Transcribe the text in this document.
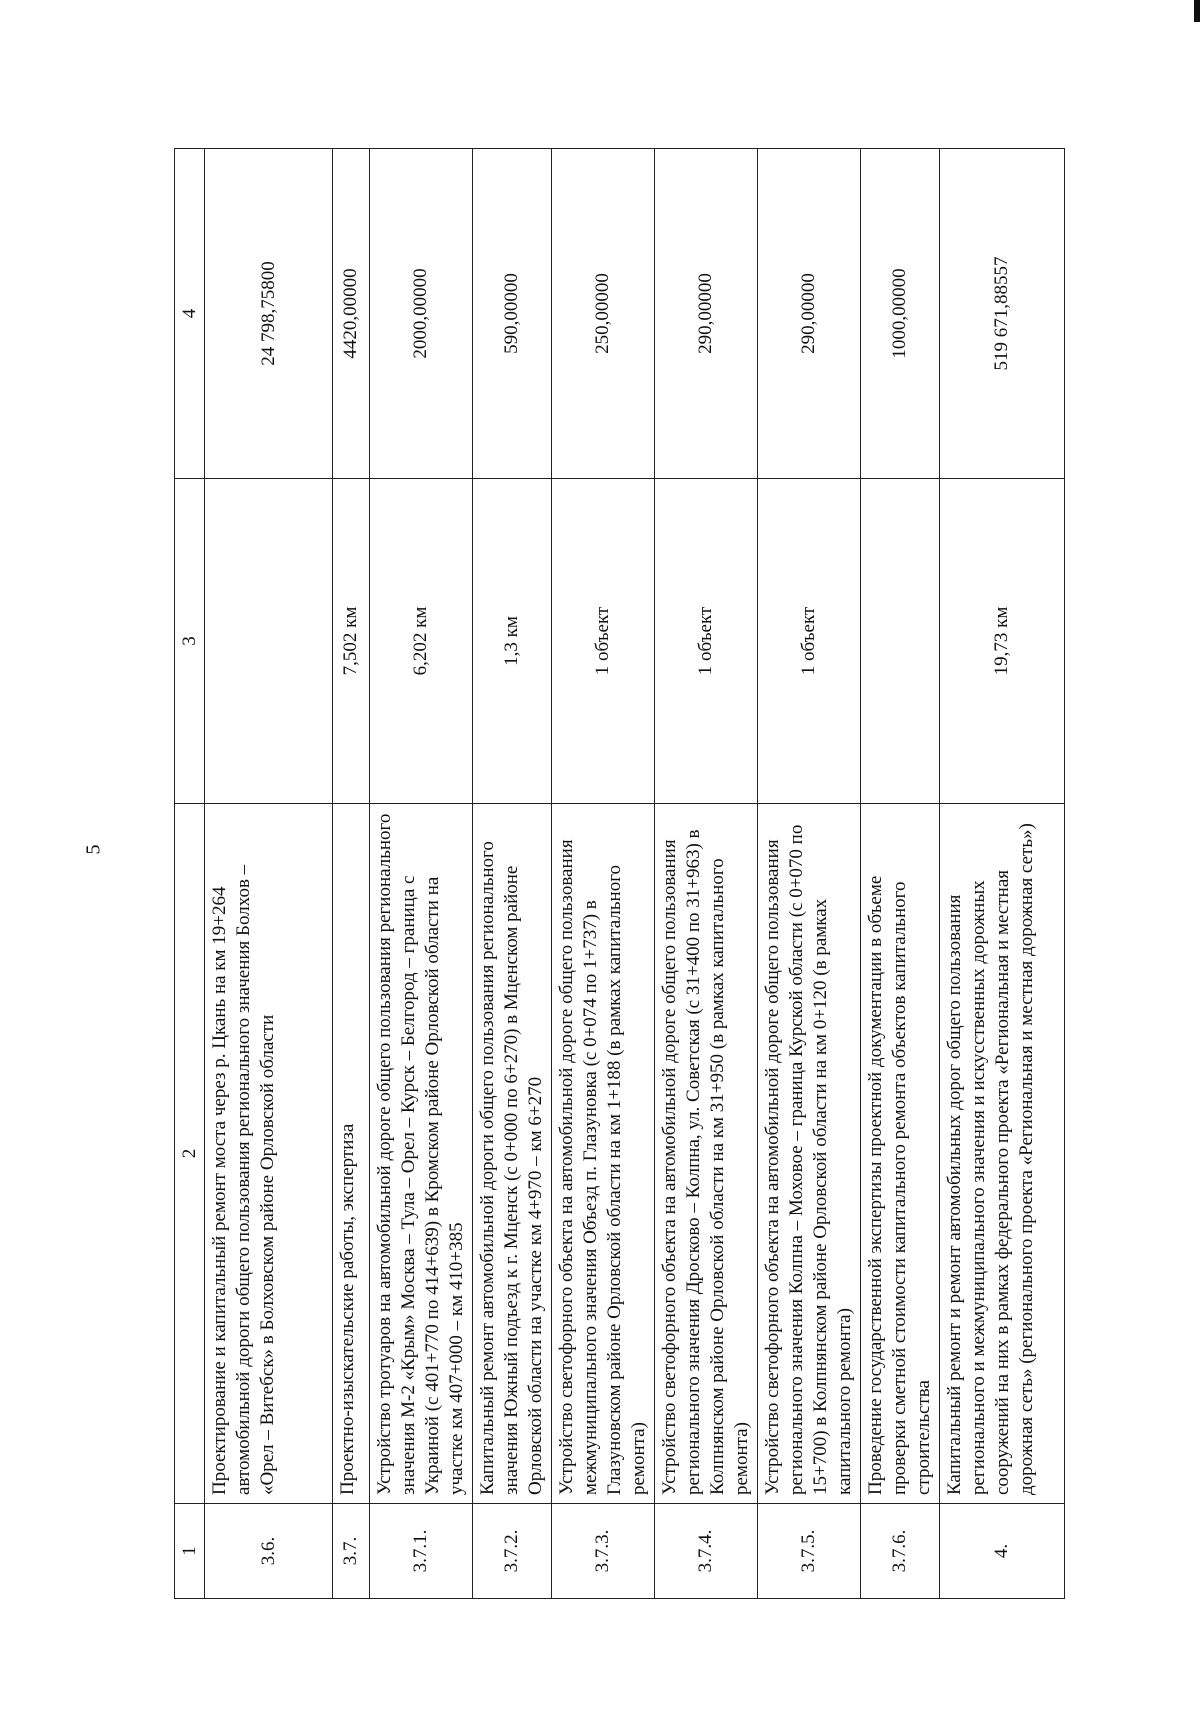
5
1	2	3	4
3.6.	Проектирование и капитальный ремонт моста через р. Цкань на км 19+264 автомобильной дороги общего пользования регионального значения Болхов – «Орел – Витебск» в Болховском районе Орловской области		24 798,75800
3.7.	Проектно-изыскательские работы, экспертиза	7,502 км	4420,00000
3.7.1.	Устройство тротуаров на автомобильной дороге общего пользования регионального значения М-2 «Крым» Москва – Тула – Орел – Курск – Белгород – граница с Украиной (с 401+770 по 414+639) в Кромском районе Орловской области на участке км 407+000 – км 410+385	6,202 км	2000,00000
3.7.2.	Капитальный ремонт автомобильной дороги общего пользования регионального значения Южный подъезд к г. Мценск (с 0+000 по 6+270) в Мценском районе Орловской области на участке км 4+970 – км 6+270	1,3 км	590,00000
3.7.3.	Устройство светофорного объекта на автомобильной дороге общего пользования межмуниципального значения Объезд п. Глазуновка (с 0+074 по 1+737) в Глазуновском районе Орловской области на км 1+188 (в рамках капитального ремонта)	1 объект	250,00000
3.7.4.	Устройство светофорного объекта на автомобильной дороге общего пользования регионального значения Дросково – Колпна, ул. Советская (с 31+400 по 31+963) в Колпнянском районе Орловской области на км 31+950 (в рамках капитального ремонта)	1 объект	290,00000
3.7.5.	Устройство светофорного объекта на автомобильной дороге общего пользования регионального значения Колпна – Моховое – граница Курской области (с 0+070 по 15+700) в Колпнянском районе Орловской области на км 0+120 (в рамках капитального ремонта)	1 объект	290,00000
3.7.6.	Проведение государственной экспертизы проектной документации в объеме проверки сметной стоимости капитального ремонта объектов капитального строительства		1000,00000
4.	Капитальный ремонт и ремонт автомобильных дорог общего пользования регионального и межмуниципального значения и искусственных дорожных сооружений на них в рамках федерального проекта «Региональная и местная дорожная сеть» (регионального проекта «Региональная и местная дорожная сеть»)	19,73 км	519 671,88557
